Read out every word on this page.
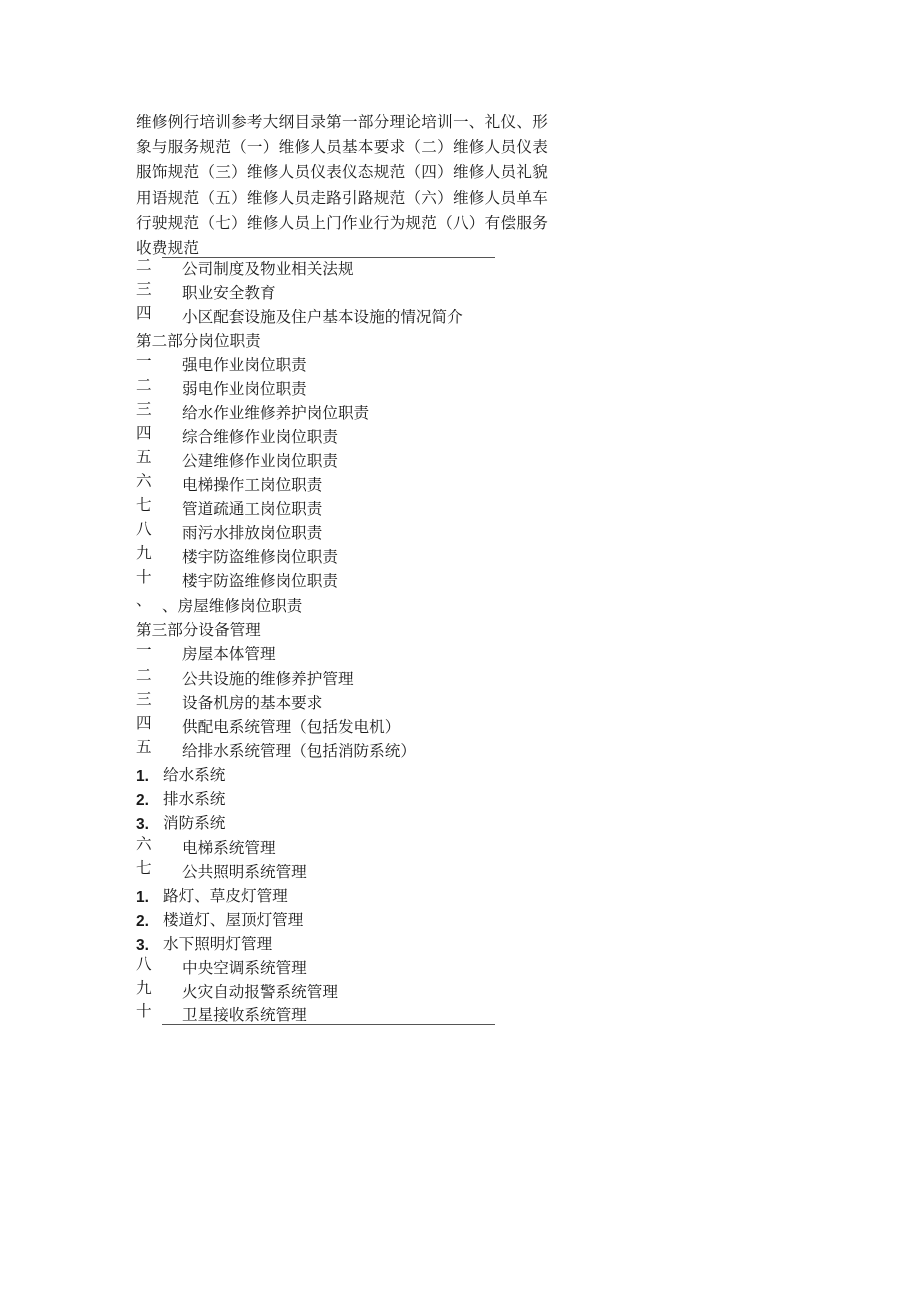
维修例行培训参考大纲目录第一部分理论培训一、礼仪、形象与服务规范（一）维修人员基本要求（二）维修人员仪表服饰规范（三）维修人员仪表仪态规范（四）维修人员礼貌用语规范（五）维修人员走路引路规范（六）维修人员单车行驶规范（七）维修人员上门作业行为规范（八）有偿服务收费规范

二 公司制度及物业相关法规
三 职业安全教育
四 小区配套设施及住户基本设施的情况简介
第二部分岗位职责
一 强电作业岗位职责
二 弱电作业岗位职责
三 给水作业维修养护岗位职责
四 综合维修作业岗位职责
五 公建维修作业岗位职责
六 电梯操作工岗位职责
七 管道疏通工岗位职责
八 雨污水排放岗位职责
九 楼宇防盗维修岗位职责
十 楼宇防盗维修岗位职责
、 、房屋维修岗位职责
第三部分设备管理
一 房屋本体管理
二 公共设施的维修养护管理
三 设备机房的基本要求
四 供配电系统管理（包括发电机）
五 给排水系统管理（包括消防系统）
1. 给水系统
2. 排水系统
3. 消防系统
六 电梯系统管理
七 公共照明系统管理
1. 路灯、草皮灯管理
2. 楼道灯、屋顶灯管理
3. 水下照明灯管理
八 中央空调系统管理
九 火灾自动报警系统管理
十 卫星接收系统管理
